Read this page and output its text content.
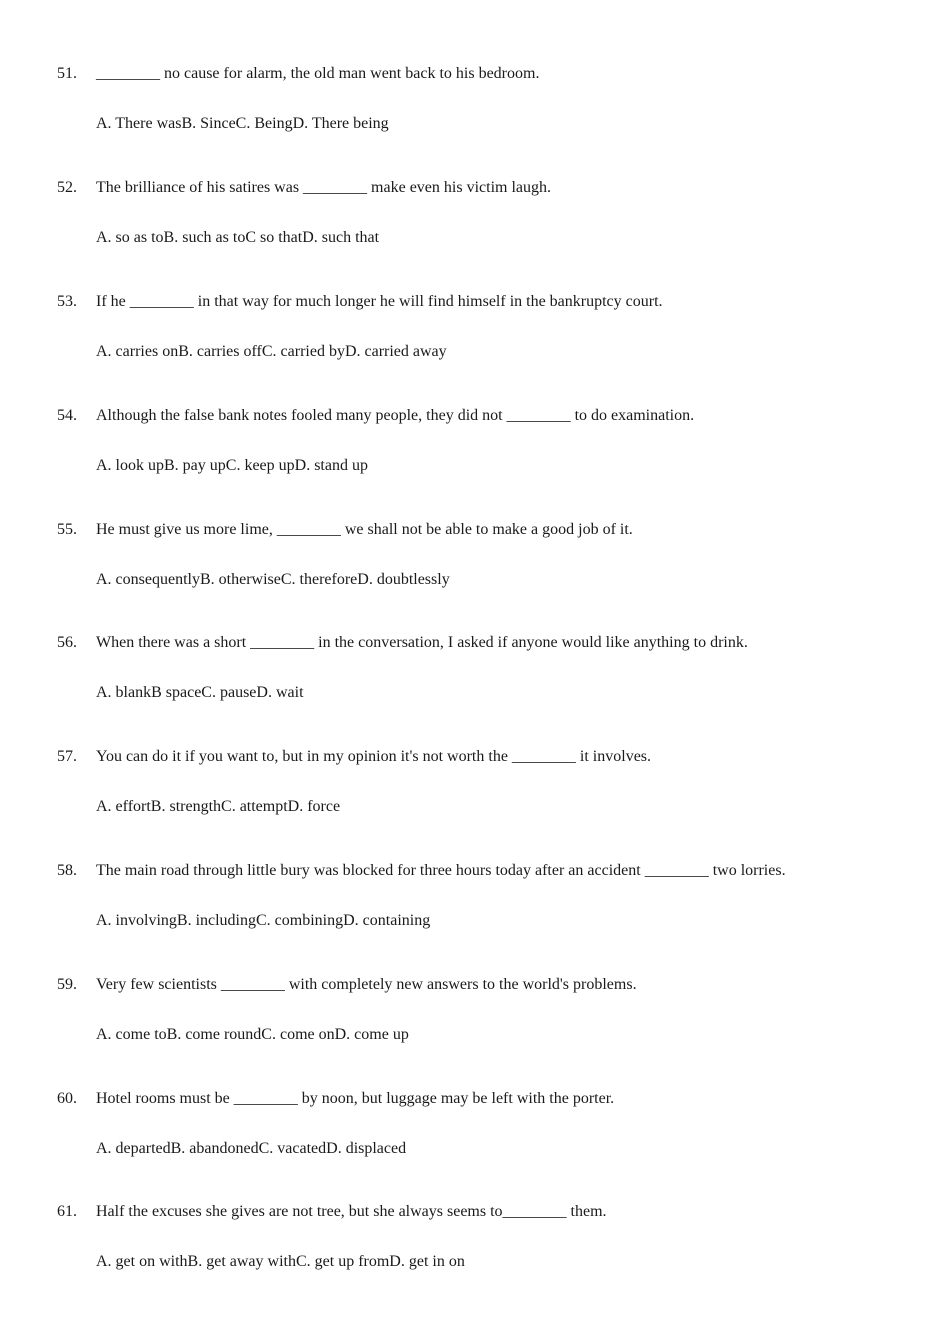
51. ________ no cause for alarm, the old man went back to his bedroom.
A. There wasB. SinceC. BeingD. There being
52. The brilliance of his satires was ________ make even his victim laugh.
A. so as toB. such as toC so thatD. such that
53. If he ________ in that way for much longer he will find himself in the bankruptcy court.
A. carries onB. carries offC. carried byD. carried away
54. Although the false bank notes fooled many people, they did not ________ to do examination.
A. look upB. pay upC. keep upD. stand up
55. He must give us more lime, ________ we shall not be able to make a good job of it.
A. consequentlyB. otherwiseC. thereforeD. doubtlessly
56. When there was a short ________ in the conversation, I asked if anyone would like anything to drink.
A. blankB spaceC. pauseD. wait
57. You can do it if you want to, but in my opinion it's not worth the ________ it involves.
A. effortB. strengthC. attemptD. force
58. The main road through little bury was blocked for three hours today after an accident ________ two lorries.
A. involvingB. includingC. combiningD. containing
59. Very few scientists ________ with completely new answers to the world's problems.
A. come toB. come roundC. come onD. come up
60. Hotel rooms must be ________ by noon, but luggage may be left with the porter.
A. departedB. abandonedC. vacatedD. displaced
61. Half the excuses she gives are not tree, but she always seems to________ them.
A. get on withB. get away withC. get up fromD. get in on
